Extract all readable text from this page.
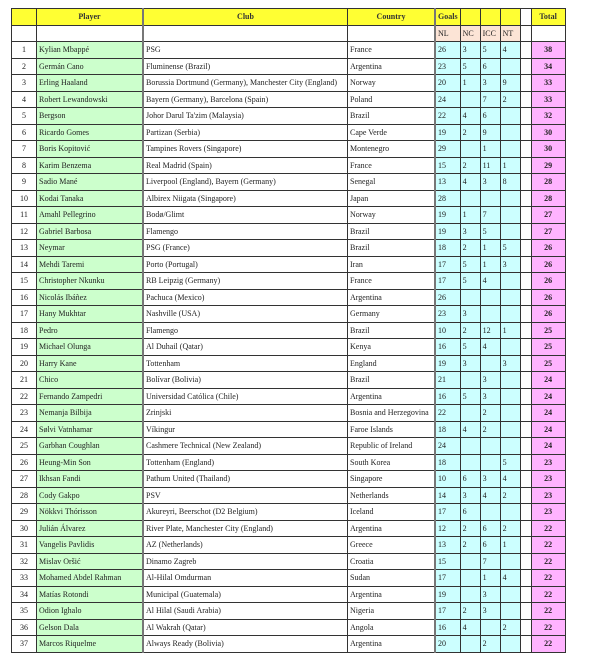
	Player	Club	Country	Goals					Total
				NL	NC	ICC	NT		
1	Kylian Mbappé	PSG	France	26	3	5	4		38
2	Germán Cano	Fluminense (Brazil)	Argentina	23	5	6			34
3	Erling Haaland	Borussia Dortmund (Germany), Manchester City (England)	Norway	20	1	3	9		33
4	Robert Lewandowski	Bayern (Germany), Barcelona (Spain)	Poland	24		7	2		33
5	Bergson	Johor Darul Ta'zim (Malaysia)	Brazil	22	4	6			32
6	Ricardo Gomes	Partizan (Serbia)	Cape Verde	19	2	9			30
7	Boris Kopitović	Tampines Rovers (Singapore)	Montenegro	29		1			30
8	Karim Benzema	Real Madrid (Spain)	France	15	2	11	1		29
9	Sadio Mané	Liverpool (England), Bayern (Germany)	Senegal	13	4	3	8		28
10	Kodai Tanaka	Albirex Niigata (Singapore)	Japan	28					28
11	Amahl Pellegrino	Bodø/Glimt	Norway	19	1	7			27
12	Gabriel Barbosa	Flamengo	Brazil	19	3	5			27
13	Neymar	PSG (France)	Brazil	18	2	1	5		26
14	Mehdi Taremi	Porto (Portugal)	Iran	17	5	1	3		26
15	Christopher Nkunku	RB Leipzig (Germany)	France	17	5	4			26
16	Nicolás Ibáñez	Pachuca (Mexico)	Argentina	26					26
17	Hany Mukhtar	Nashville (USA)	Germany	23	3				26
18	Pedro	Flamengo	Brazil	10	2	12	1		25
19	Michael Olunga	Al Duhail (Qatar)	Kenya	16	5	4			25
20	Harry Kane	Tottenham	England	19	3		3		25
21	Chico	Bolívar (Bolivia)	Brazil	21		3			24
22	Fernando Zampedri	Universidad Católica (Chile)	Argentina	16	5	3			24
23	Nemanja Bilbija	Zrinjski	Bosnia and Herzegovina	22		2			24
24	Sølvi Vatnhamar	Víkingur	Faroe Islands	18	4	2			24
25	Garbhan Coughlan	Cashmere Technical (New Zealand)	Republic of Ireland	24					24
26	Heung-Min Son	Tottenham (England)	South Korea	18			5		23
27	Ikhsan Fandi	Pathum United (Thailand)	Singapore	10	6	3	4		23
28	Cody Gakpo	PSV	Netherlands	14	3	4	2		23
29	Nökkvi Thórisson	Akureyri, Beerschot (D2 Belgium)	Iceland	17	6				23
30	Julián Álvarez	River Plate, Manchester City (England)	Argentina	12	2	6	2		22
31	Vangelis Pavlidis	AZ (Netherlands)	Greece	13	2	6	1		22
32	Mislav Oršić	Dinamo Zagreb	Croatia	15		7			22
33	Mohamed Abdel Rahman	Al-Hilal Omdurman	Sudan	17		1	4		22
34	Matías Rotondi	Municipal (Guatemala)	Argentina	19		3			22
35	Odion Ighalo	Al Hilal (Saudi Arabia)	Nigeria	17	2	3			22
36	Gelson Dala	Al Wakrah (Qatar)	Angola	16	4		2		22
37	Marcos Riquelme	Always Ready (Bolivia)	Argentina	20		2			22
